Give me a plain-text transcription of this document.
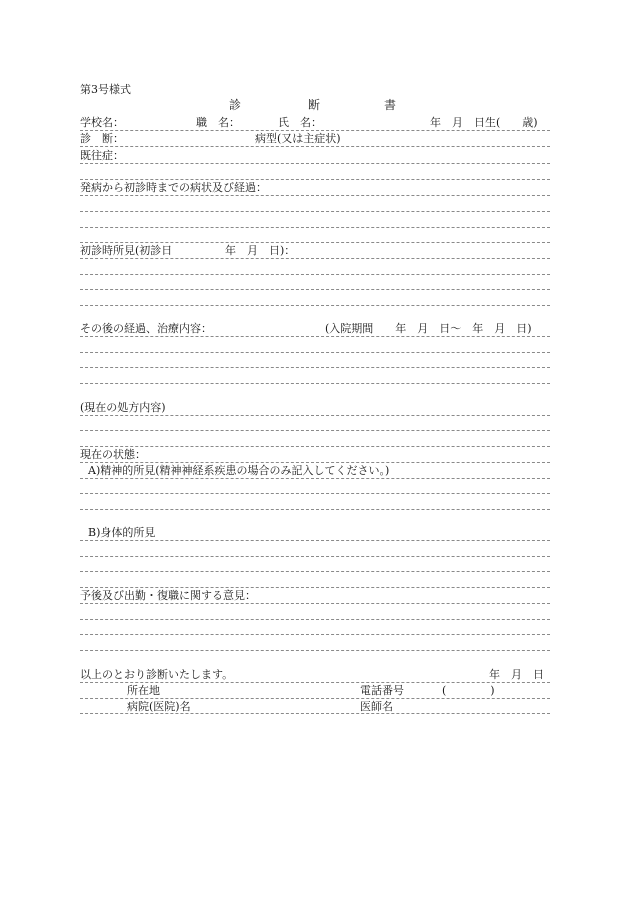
第3号様式
診	断	書
学校名：	職　名：	氏　名：	年　月　日生(　　歳)
診　断：	病型(又は主症状)
既往症：
発病から初診時までの病状及び経過：
初診時所見(初診日	年　月　日)：
その後の経過、治療内容：	(入院期間　　年　月　日〜　年　月　日)
(現在の処方内容)
現在の状態：
A)精神的所見(精神神経系疾患の場合のみ記入してください。)
B)身体的所見
予後及び出勤・復職に関する意見：
以上のとおり診断いたします。	年　月　日
所在地	電話番号	(　　　　)
病院(医院)名	医師名
